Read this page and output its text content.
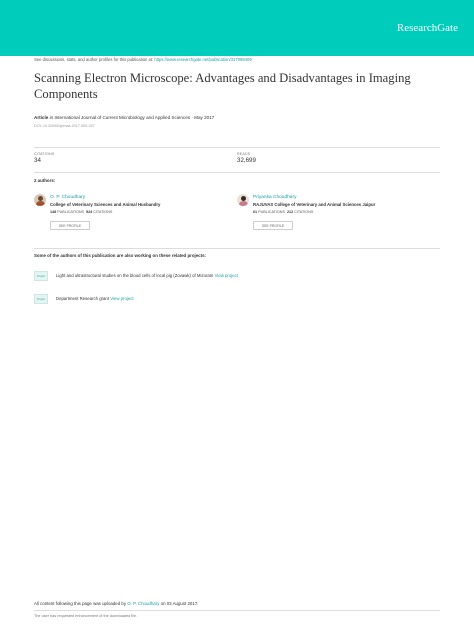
ResearchGate
See discussions, stats, and author profiles for this publication at: https://www.researchgate.net/publication/317098409
Scanning Electron Microscope: Advantages and Disadvantages in Imaging Components
Article in International Journal of Current Microbiology and Applied Sciences · May 2017
DOI: 10.20546/ijcmas.2017.605.207
CITATIONS
34
READS
32,699
2 authors:
O. P. Choudhary
College of Veterinary Sciences and Animal Husbandry
148 PUBLICATIONS 524 CITATIONS
SEE PROFILE
Priyanka Choudhary
RAJUVAS College of Veterinary and Animal Sciences Jaipur
61 PUBLICATIONS 212 CITATIONS
SEE PROFILE
Some of the authors of this publication are also working on these related projects:
Project	Light and ultrastructural studies on the blood cells of local pig (Zovawk) of Mizoram View project
Project	Department Research grant View project
All content following this page was uploaded by O. P. Choudhary on 03 August 2017.
The user has requested enhancement of the downloaded file.
